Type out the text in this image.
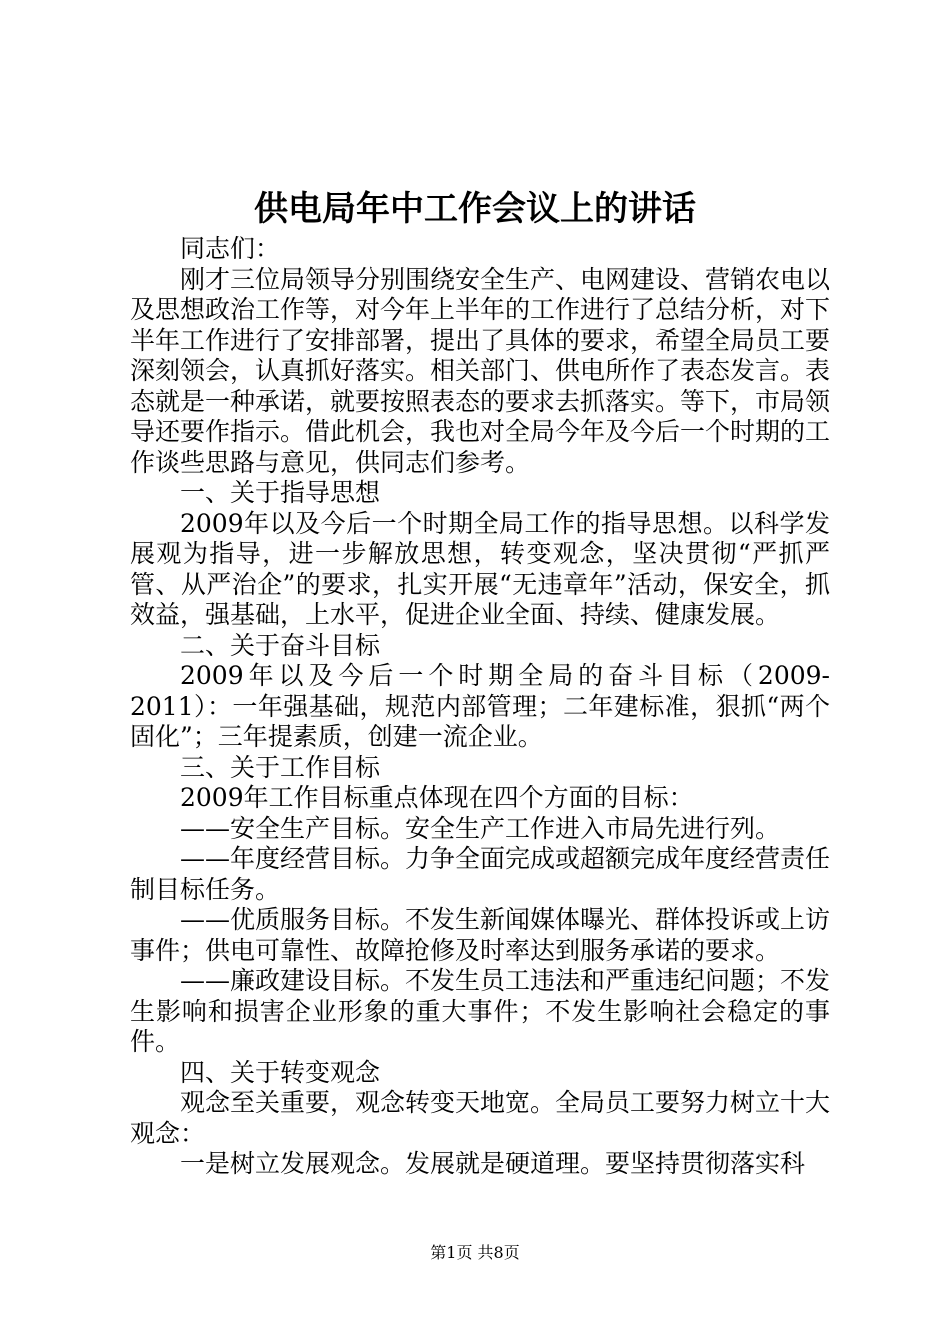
供电局年中工作会议上的讲话

同志们：

刚才三位局领导分别围绕安全生产、电网建设、营销农电以及思想政治工作等，对今年上半年的工作进行了总结分析，对下半年工作进行了安排部署，提出了具体的要求，希望全局员工要深刻领会，认真抓好落实。相关部门、供电所作了表态发言。表态就是一种承诺，就要按照表态的要求去抓落实。等下，市局领导还要作指示。借此机会，我也对全局今年及今后一个时期的工作谈些思路与意见，供同志们参考。

一、关于指导思想

2009年以及今后一个时期全局工作的指导思想。以科学发展观为指导，进一步解放思想，转变观念，坚决贯彻“严抓严管、从严治企”的要求，扎实开展“无违章年”活动，保安全，抓效益，强基础，上水平，促进企业全面、持续、健康发展。

二、关于奋斗目标

2009年以及今后一个时期全局的奋斗目标（2009-2011）：一年强基础，规范内部管理；二年建标准，狠抓“两个固化”；三年提素质，创建一流企业。

三、关于工作目标

2009年工作目标重点体现在四个方面的目标：

——安全生产目标。安全生产工作进入市局先进行列。

——年度经营目标。力争全面完成或超额完成年度经营责任制目标任务。

——优质服务目标。不发生新闻媒体曝光、群体投诉或上访事件；供电可靠性、故障抢修及时率达到服务承诺的要求。

——廉政建设目标。不发生员工违法和严重违纪问题；不发生影响和损害企业形象的重大事件；不发生影响社会稳定的事件。

四、关于转变观念

观念至关重要，观念转变天地宽。全局员工要努力树立十大观念：

一是树立发展观念。发展就是硬道理。要坚持贯彻落实科

第1页 共8页
